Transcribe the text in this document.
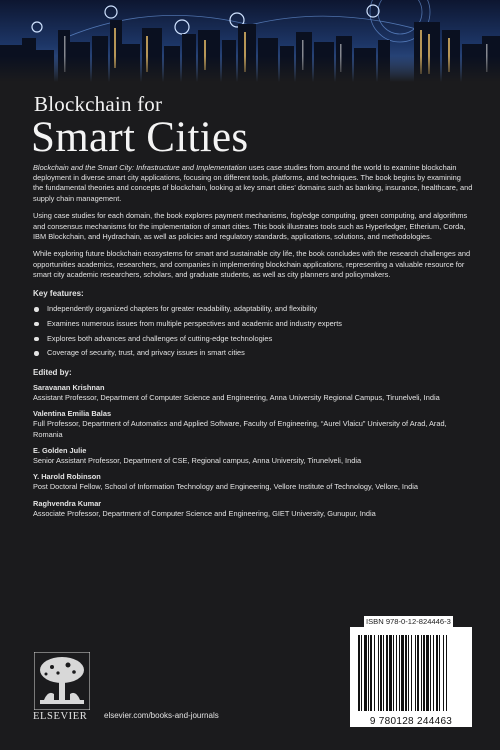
Blockchain for
Smart Cities

Blockchain and the Smart City: Infrastructure and Implementation uses case studies from around the world to examine blockchain deployment in diverse smart city applications, focusing on different tools, platforms, and techniques. The book begins by examining the fundamental theories and concepts of blockchain, looking at key smart cities’ domains such as banking, insurance, healthcare, and supply chain management.

Using case studies for each domain, the book explores payment mechanisms, fog/edge computing, green computing, and algorithms and consensus mechanisms for the implementation of smart cities. This book illustrates tools such as Hyperledger, Etherium, Corda, IBM Blockchain, and Hydrachain, as well as policies and regulatory standards, applications, solutions, and methodologies.

While exploring future blockchain ecosystems for smart and sustainable city life, the book concludes with the research challenges and opportunities academics, researchers, and companies in implementing blockchain applications, representing a valuable resource for smart city academic researchers, scholars, and graduate students, as well as city planners and policymakers.

Key features:
Independently organized chapters for greater readability, adaptability, and flexibility
Examines numerous issues from multiple perspectives and academic and industry experts
Explores both advances and challenges of cutting-edge technologies
Coverage of security, trust, and privacy issues in smart cities
Edited by:
Saravanan Krishnan
Assistant Professor, Department of Computer Science and Engineering, Anna University Regional Campus, Tirunelveli, India
Valentina Emilia Balas
Full Professor, Department of Automatics and Applied Software, Faculty of Engineering, “Aurel Vlaicu” University of Arad, Arad, Romania
E. Golden Julie
Senior Assistant Professor, Department of CSE, Regional campus, Anna University, Tirunelveli, India
Y. Harold Robinson
Post Doctoral Fellow, School of Information Technology and Engineering, Vellore Institute of Technology, Vellore, India
Raghvendra Kumar
Associate Professor, Department of Computer Science and Engineering, GIET University, Gunupur, India
ELSEVIER elsevier.com/books-and-journals
ISBN 978-0-12-824446-3
9 780128 244463
